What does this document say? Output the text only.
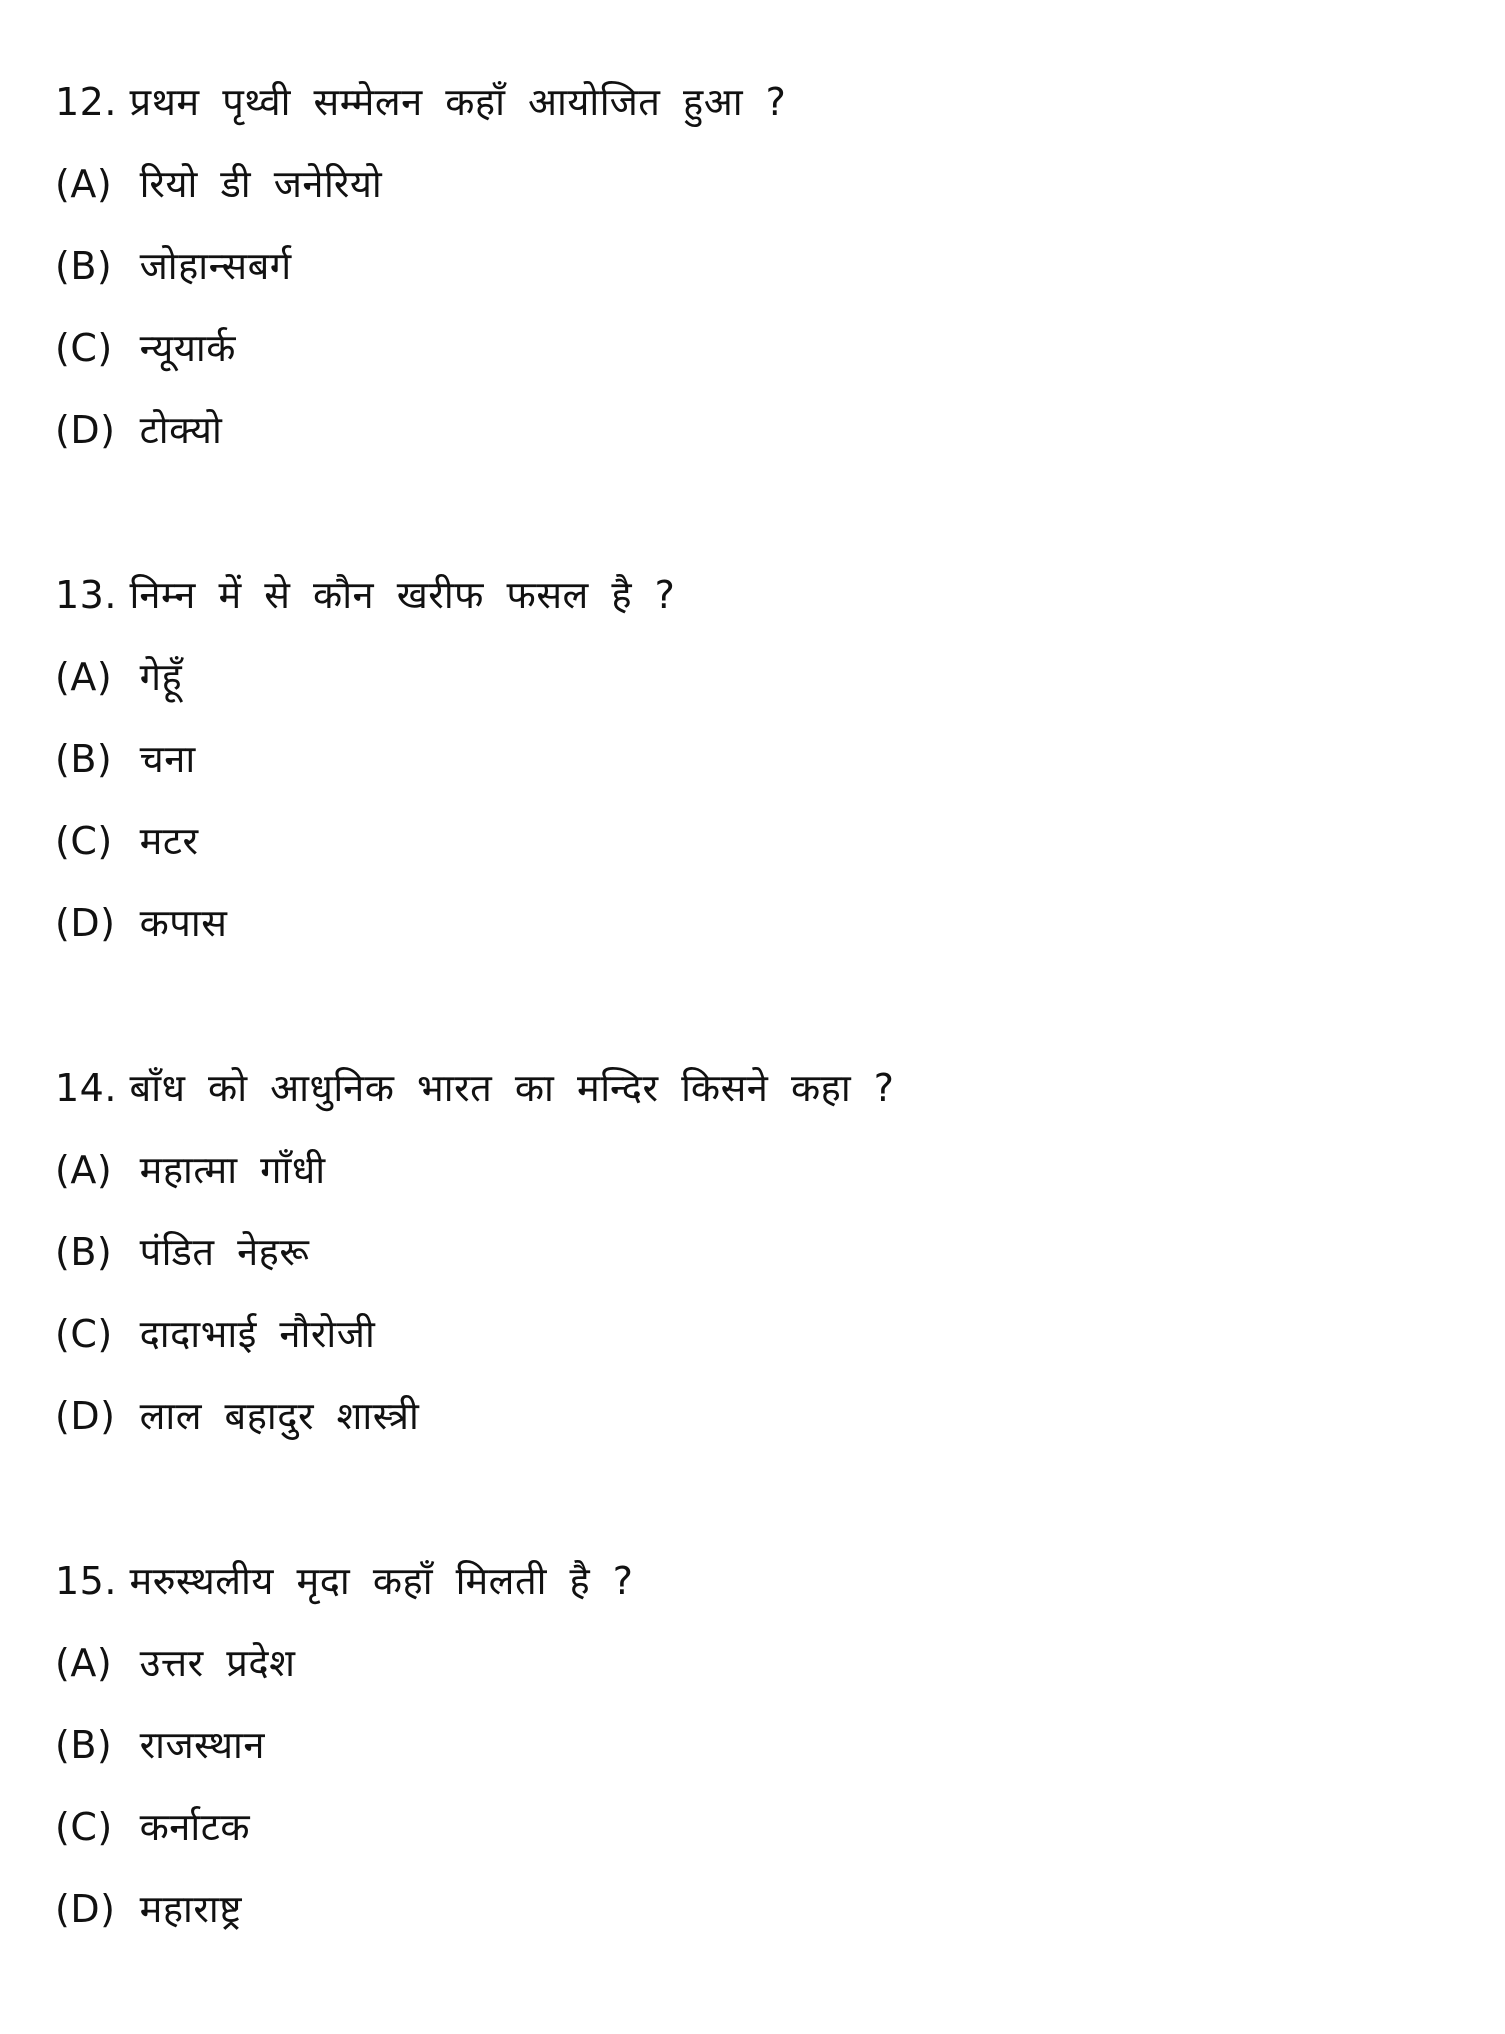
12. प्रथम पृथ्वी सम्मेलन कहाँ आयोजित हुआ ?
(A) रियो डी जनेरियो
(B) जोहान्सबर्ग
(C) न्यूयार्क
(D) टोक्यो
13. निम्न में से कौन खरीफ फसल है ?
(A) गेहूँ
(B) चना
(C) मटर
(D) कपास
14. बाँध को आधुनिक भारत का मन्दिर किसने कहा ?
(A) महात्मा गाँधी
(B) पंडित नेहरू
(C) दादाभाई नौरोजी
(D) लाल बहादुर शास्त्री
15. मरुस्थलीय मृदा कहाँ मिलती है ?
(A) उत्तर प्रदेश
(B) राजस्थान
(C) कर्नाटक
(D) महाराष्ट्र
